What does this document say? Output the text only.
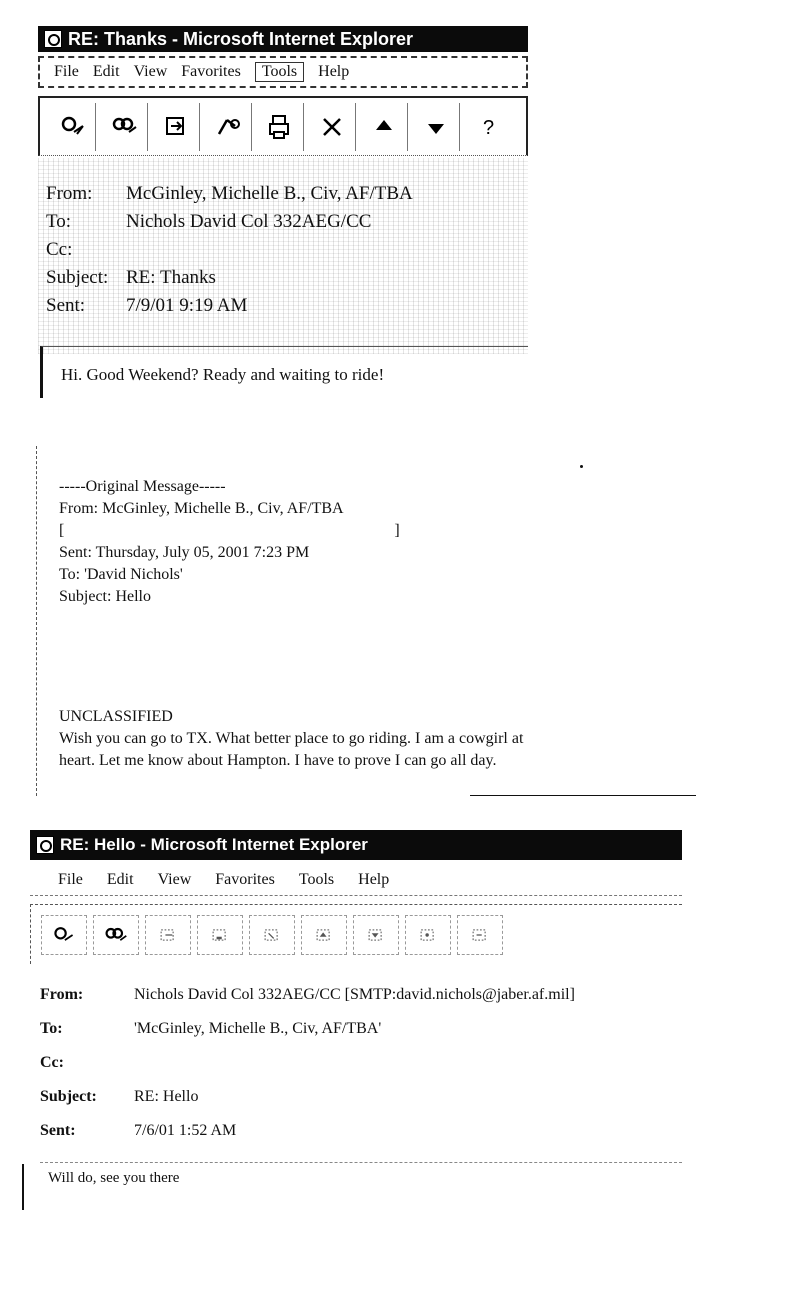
RE: Thanks - Microsoft Internet Explorer
File Edit View Favorites	Tools	Help
?
From:	McGinley, Michelle B., Civ, AF/TBA
To:	Nichols David Col 332AEG/CC
Cc:
Subject: RE: Thanks
Sent:	7/9/01 9:19 AM
Hi. Good Weekend? Ready and waiting to ride!
-----Original Message-----
From: McGinley, Michelle B., Civ, AF/TBA
[	]
Sent: Thursday, July 05, 2001 7:23 PM
To: 'David Nichols'
Subject: Hello
UNCLASSIFIED
Wish you can go to TX. What better place to go riding. I am a cowgirl at
heart. Let me know about Hampton. I have to prove I can go all day.
RE: Hello - Microsoft Internet Explorer
File Edit View Favorites Tools Help
From:	Nichols David Col 332AEG/CC [SMTP:david.nichols@jaber.af.mil]
To:	'McGinley, Michelle B., Civ, AF/TBA'
Cc:
Subject:	RE: Hello
Sent:	7/6/01 1:52 AM
Will do, see you there
